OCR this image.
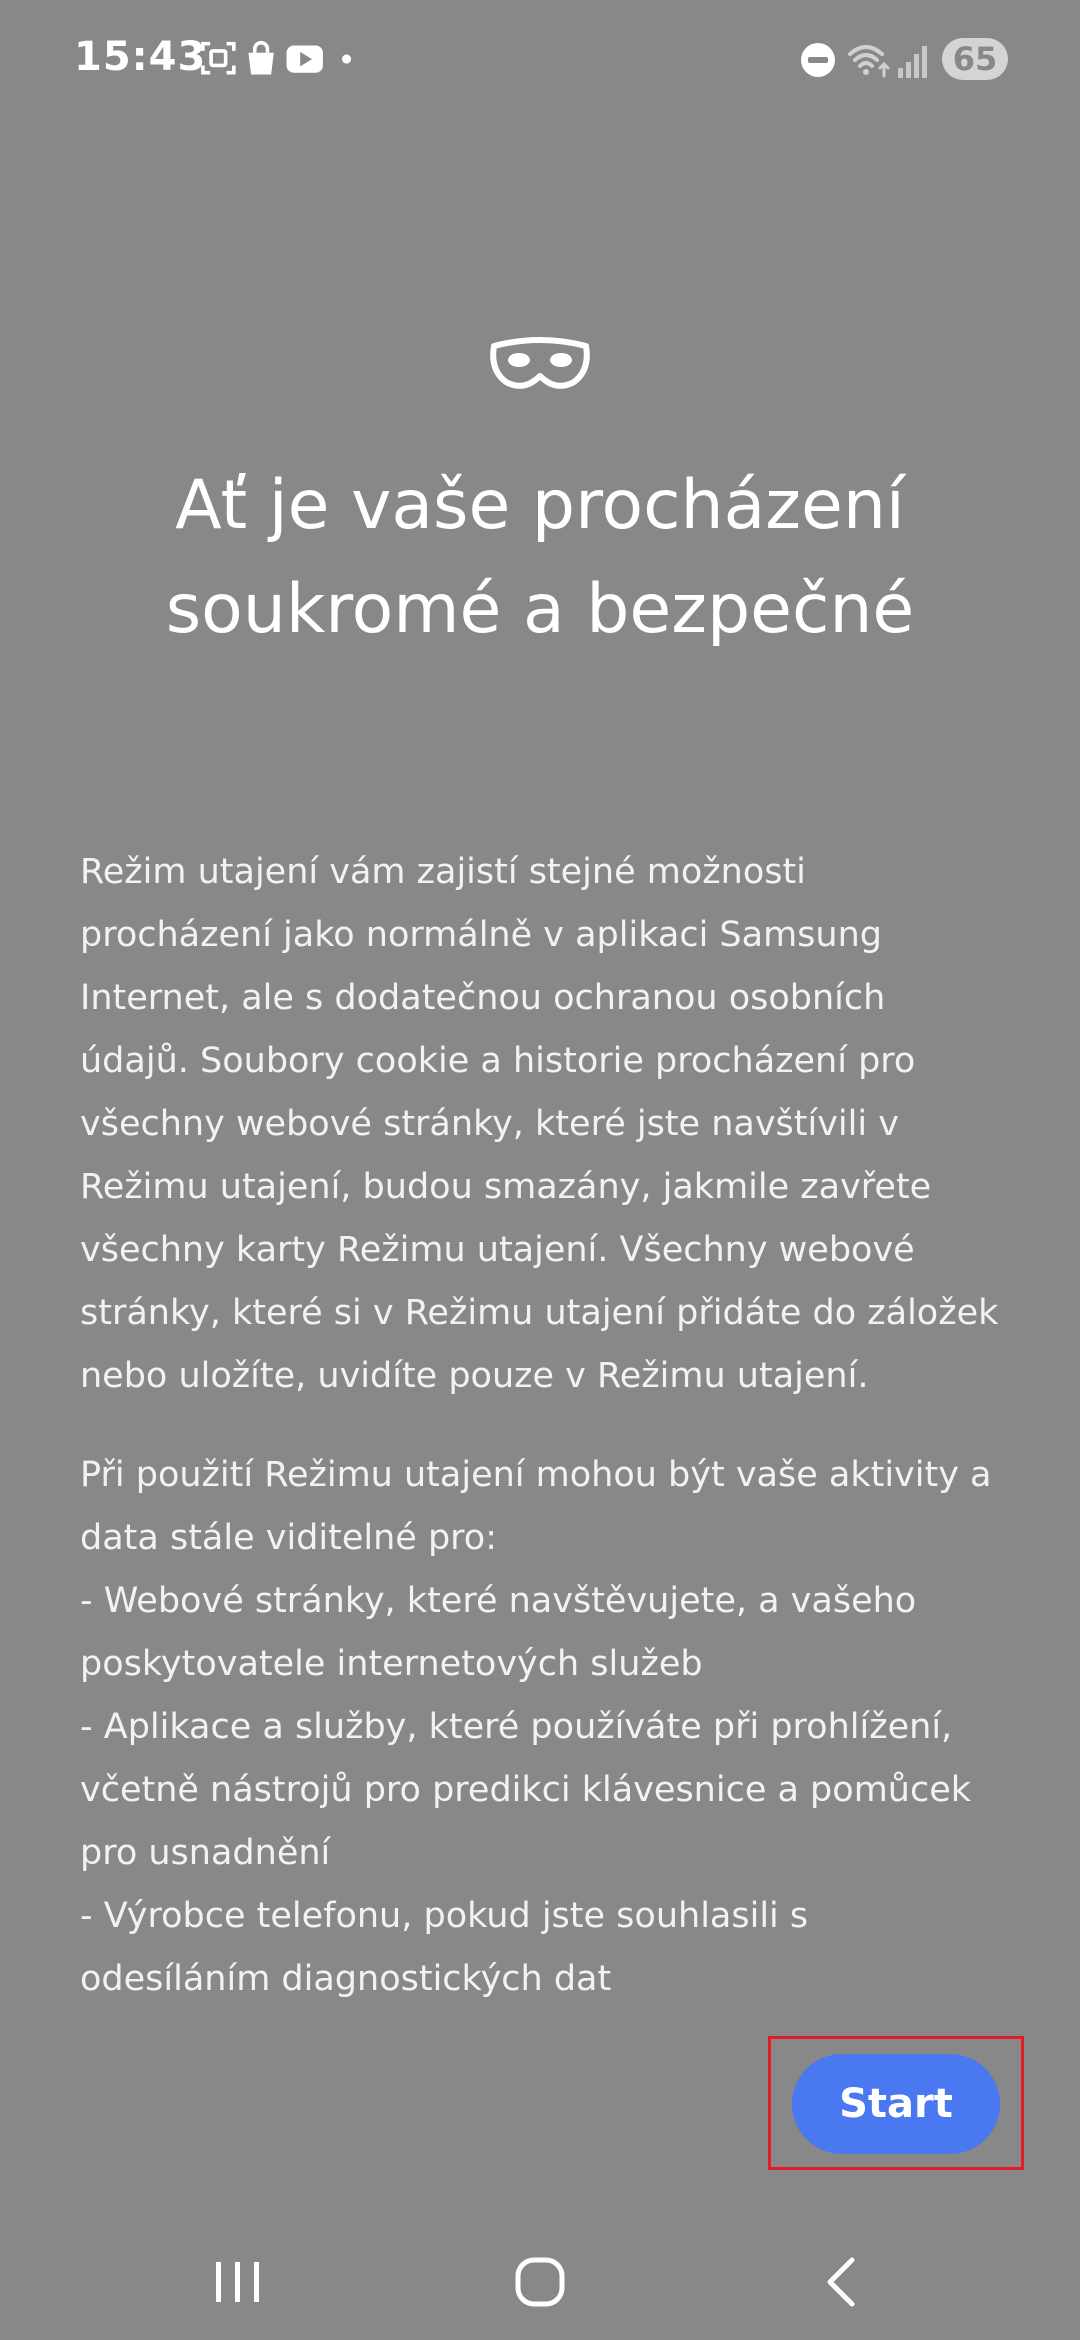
15:43	65
Ať je vaše procházení
soukromé a bezpečné

Režim utajení vám zajistí stejné možnosti
procházení jako normálně v aplikaci Samsung
Internet, ale s dodatečnou ochranou osobních
údajů. Soubory cookie a historie procházení pro
všechny webové stránky, které jste navštívili v
Režimu utajení, budou smazány, jakmile zavřete
všechny karty Režimu utajení. Všechny webové
stránky, které si v Režimu utajení přidáte do záložek
nebo uložíte, uvidíte pouze v Režimu utajení.

Při použití Režimu utajení mohou být vaše aktivity a
data stále viditelné pro:
- Webové stránky, které navštěvujete, a vašeho
poskytovatele internetových služeb
- Aplikace a služby, které používáte při prohlížení,
včetně nástrojů pro predikci klávesnice a pomůcek
pro usnadnění
- Výrobce telefonu, pokud jste souhlasili s
odesíláním diagnostických dat

Start
